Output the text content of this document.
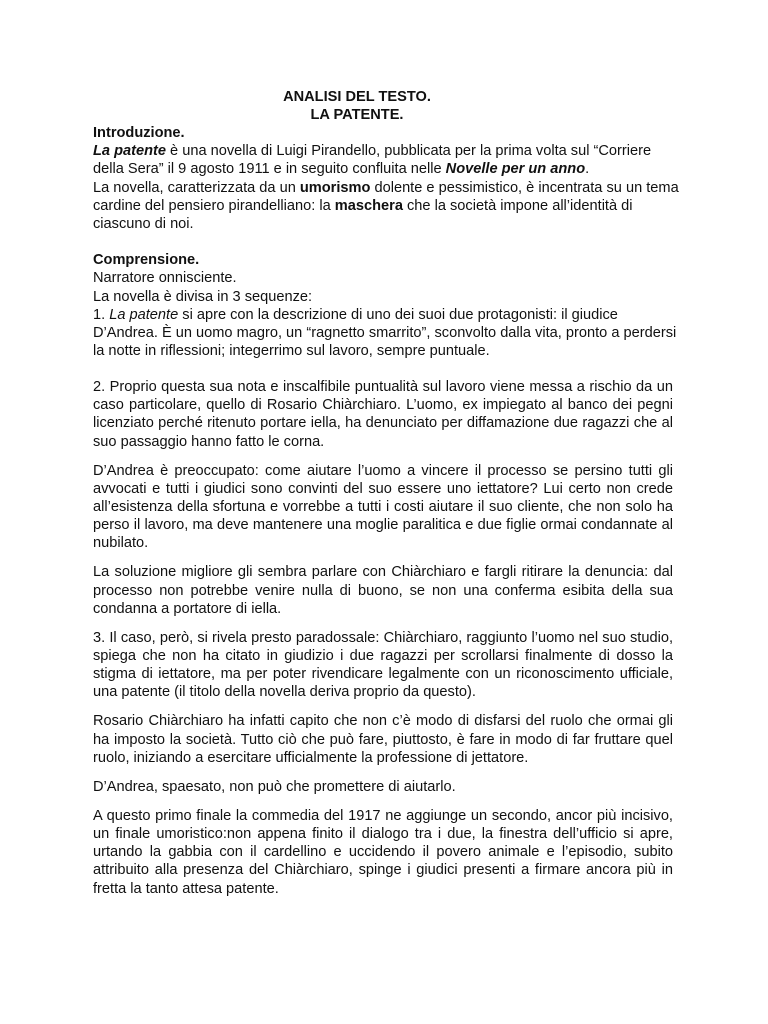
ANALISI DEL TESTO.
LA PATENTE.

Introduzione.

La patente è una novella di Luigi Pirandello, pubblicata per la prima volta sul “Corriere della Sera” il 9 agosto 1911 e in seguito confluita nelle Novelle per un anno.

La novella, caratterizzata da un umorismo dolente e pessimistico, è incentrata su un tema cardine del pensiero pirandelliano: la maschera che la società impone all’identità di ciascuno di noi.

Comprensione.

Narratore onnisciente.

La novella è divisa in 3 sequenze:

1. La patente si apre con la descrizione di uno dei suoi due protagonisti: il giudice D’Andrea. È un uomo magro, un “ragnetto smarrito”, sconvolto dalla vita, pronto a perdersi la notte in riflessioni; integerrimo sul lavoro, sempre puntuale.

2. Proprio questa sua nota e inscalfibile puntualità sul lavoro viene messa a rischio da un caso particolare, quello di Rosario Chiàrchiaro. L’uomo, ex impiegato al banco dei pegni licenziato perché ritenuto portare iella, ha denunciato per diffamazione due ragazzi che al suo passaggio hanno fatto le corna.

D’Andrea è preoccupato: come aiutare l’uomo a vincere il processo se persino tutti gli avvocati e tutti i giudici sono convinti del suo essere uno iettatore? Lui certo non crede all’esistenza della sfortuna e vorrebbe a tutti i costi aiutare il suo cliente, che non solo ha perso il lavoro, ma deve mantenere una moglie paralitica e due figlie ormai condannate al nubilato.

La soluzione migliore gli sembra parlare con Chiàrchiaro e fargli ritirare la denuncia: dal processo non potrebbe venire nulla di buono, se non una conferma esibita della sua condanna a portatore di iella.

3. Il caso, però, si rivela presto paradossale: Chiàrchiaro, raggiunto l’uomo nel suo studio, spiega che non ha citato in giudizio i due ragazzi per scrollarsi finalmente di dosso la stigma di iettatore, ma per poter rivendicare legalmente con un riconoscimento ufficiale, una patente (il titolo della novella deriva proprio da questo).

Rosario Chiàrchiaro ha infatti capito che non c’è modo di disfarsi del ruolo che ormai gli ha imposto la società. Tutto ciò che può fare, piuttosto, è fare in modo di far fruttare quel ruolo, iniziando a esercitare ufficialmente la professione di jettatore.

D’Andrea, spaesato, non può che promettere di aiutarlo.

A questo primo finale la commedia del 1917 ne aggiunge un secondo, ancor più incisivo, un finale umoristico:non appena finito il dialogo tra i due, la finestra dell’ufficio si apre, urtando la gabbia con il cardellino e uccidendo il povero animale e l’episodio, subito attribuito alla presenza del Chiàrchiaro, spinge i giudici presenti a firmare ancora più in fretta la tanto attesa patente.
